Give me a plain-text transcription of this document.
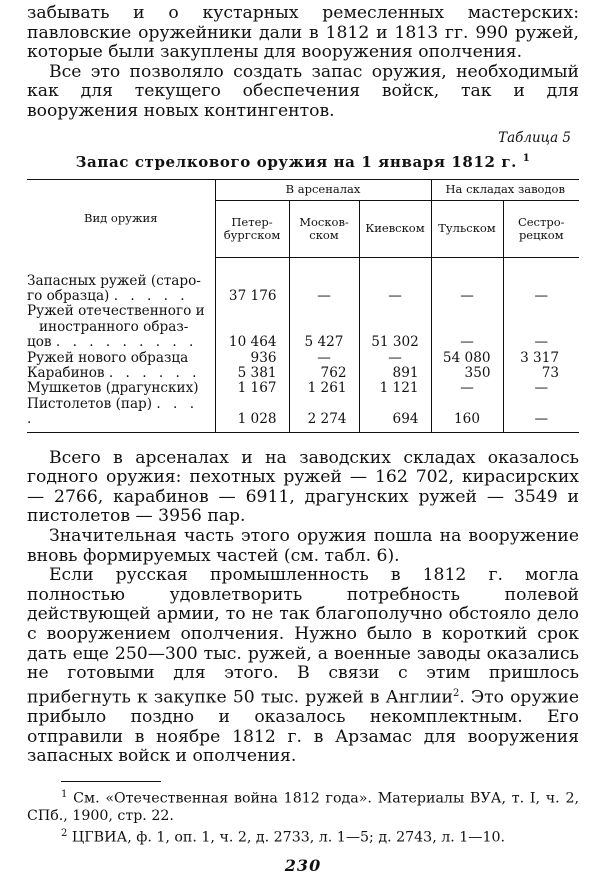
забывать и о кустарных ремесленных мастерских: павловские оружейники дали в 1812 и 1813 гг. 990 ружей, которые были закуплены для вооружения ополчения.

Все это позволяло создать запас оружия, необходимый как для текущего обеспечения войск, так и для вооружения новых контингентов.

Таблица 5
Запас стрелкового оружия на 1 января 1812 г. $^1$
Вид оружия	В арсеналах			На складах заводов	
	Петер-бургском	Москов-ском	Киевском	Тульском	Сестро-рецком

Запасных ружей (старо-
го образца) . . . . .	37 176	—	—	—	—
Ружей отечественного и
иностранного образ-
цов . . . . . . . . .	10 464	5 427	51 302	—	—
Ружей нового образца	936	—	—	54 080	3 317
Карабинов . . . . . .	5 381	762	891	350	73
Мушкетов (драгунских)	1 167	1 261	1 121	—	—
Пистолетов (пар) . . . .	1 028	2 274	694	160	—

Всего в арсеналах и на заводских складах оказалось годного оружия: пехотных ружей — 162 702, кирасирских — 2766, карабинов — 6911, драгунских ружей — 3549 и пистолетов — 3956 пар.

Значительная часть этого оружия пошла на вооружение вновь формируемых частей (см. табл. 6).

Если русская промышленность в 1812 г. могла полностью удовлетворить потребность полевой действующей армии, то не так благополучно обстояло дело с вооружением ополчения. Нужно было в короткий срок дать еще 250—300 тыс. ружей, а военные заводы оказались не готовыми для этого. В связи с этим пришлось прибегнуть к закупке 50 тыс. ружей в Англии$^2$. Это оружие прибыло поздно и оказалось некомплектным. Его отправили в ноябре 1812 г. в Арзамас для вооружения запасных войск и ополчения.

$^1$ См. «Отечественная война 1812 года». Материалы ВУА, т. I, ч. 2, СПб., 1900, стр. 22.
$^2$ ЦГВИА, ф. 1, оп. 1, ч. 2, д. 2733, л. 1—5; д. 2743, л. 1—10.
230
